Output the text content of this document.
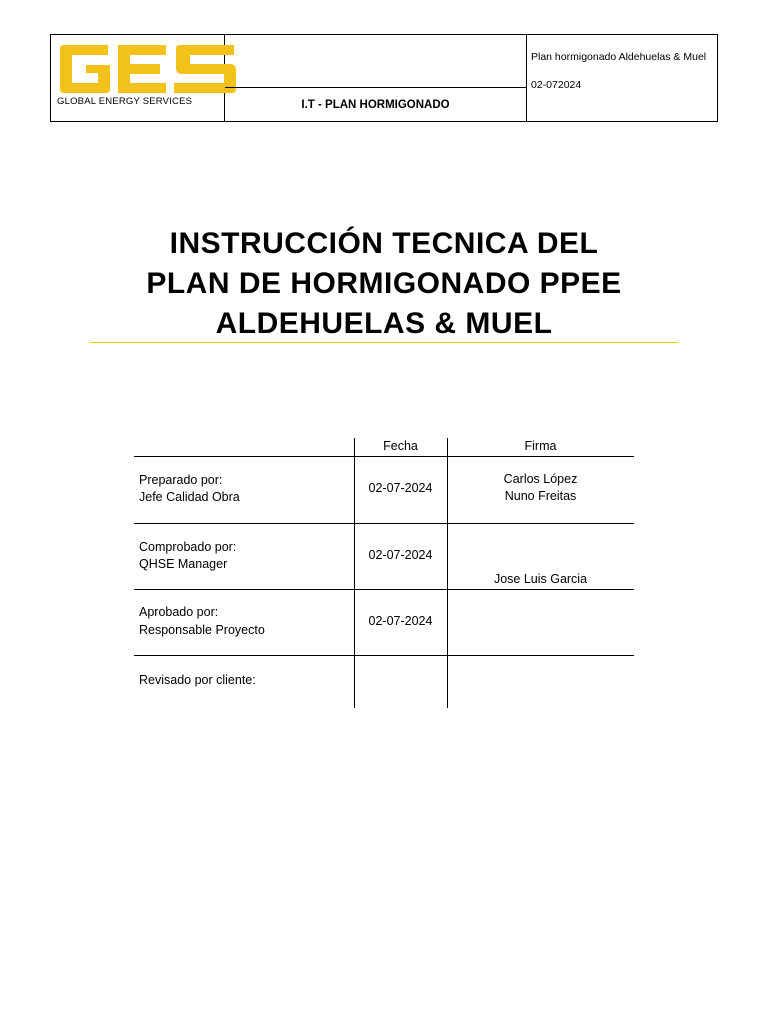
GLOBAL ENERGY SERVICES	I.T - PLAN HORMIGONADO
Plan hormigonado Aldehuelas & Muel
02-072024
INSTRUCCIÓN TECNICA DEL
PLAN DE HORMIGONADO PPEE
ALDEHUELAS & MUEL
Fecha	Firma
Preparado por:
Jefe Calidad Obra
02-07-2024
Carlos López
Nuno Freitas
Comprobado por:
QHSE Manager
02-07-2024
Jose Luis Garcia
Aprobado por:
Responsable Proyecto
02-07-2024
Revisado por cliente:
